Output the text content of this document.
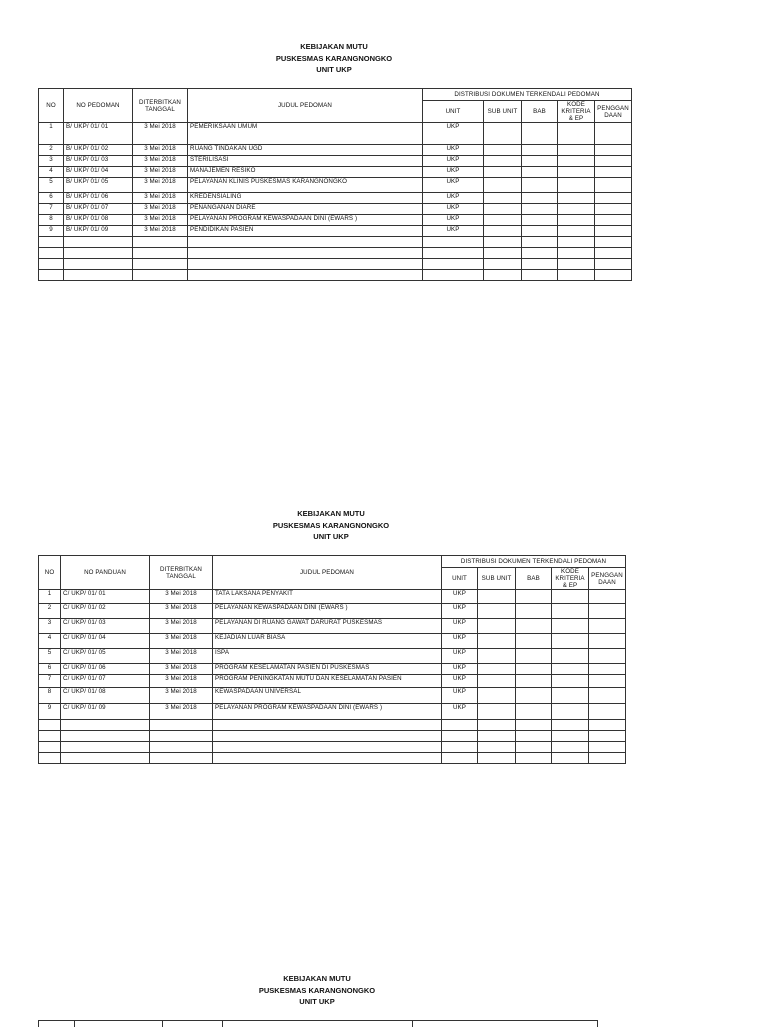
KEBIJAKAN MUTU
PUSKESMAS KARANGNONGKO
UNIT UKP
NO	NO PEDOMAN	DITERBITKAN TANGGAL	JUDUL PEDOMAN	DISTRIBUSI DOKUMEN TERKENDALI PEDOMAN				
				UNIT	SUB UNIT	BAB	KODE KRITERIA & EP	PENGGAN DAAN
1	B/ UKP/ 01/ 01	3 Mei 2018	PEMERIKSAAN UMUM	UKP				
2	B/ UKP/ 01/ 02	3 Mei 2018	RUANG TINDAKAN UGD	UKP				
3	B/ UKP/ 01/ 03	3 Mei 2018	STERILISASI	UKP				
4	B/ UKP/ 01/ 04	3 Mei 2018	MANAJEMEN RESIKO	UKP				
5	B/ UKP/ 01/ 05	3 Mei 2018	PELAYANAN KLINIS PUSKESMAS KARANGNONGKO	UKP				
6	B/ UKP/ 01/ 06	3 Mei 2018	KREDENSIALING	UKP				
7	B/ UKP/ 01/ 07	3 Mei 2018	PENANGANAN DIARE	UKP				
8	B/ UKP/ 01/ 08	3 Mei 2018	PELAYANAN PROGRAM KEWASPADAAN DINI (EWARS )	UKP				
9	B/ UKP/ 01/ 09	3 Mei 2018	PENDIDIKAN PASIEN	UKP				

KEBIJAKAN MUTU
PUSKESMAS KARANGNONGKO
UNIT UKP
NO	NO PANDUAN	DITERBITKAN TANGGAL	JUDUL PEDOMAN	DISTRIBUSI DOKUMEN TERKENDALI PEDOMAN				
				UNIT	SUB UNIT	BAB	KODE KRITERIA & EP	PENGGAN DAAN
1	C/ UKP/ 01/ 01	3 Mei 2018	TATA LAKSANA PENYAKIT	UKP				
2	C/ UKP/ 01/ 02	3 Mei 2018	PELAYANAN KEWASPADAAN DINI (EWARS )	UKP				
3	C/ UKP/ 01/ 03	3 Mei 2018	PELAYANAN DI RUANG GAWAT DARURAT PUSKESMAS	UKP				
4	C/ UKP/ 01/ 04	3 Mei 2018	KEJADIAN LUAR BIASA	UKP				
5	C/ UKP/ 01/ 05	3 Mei 2018	ISPA	UKP				
6	C/ UKP/ 01/ 06	3 Mei 2018	PROGRAM KESELAMATAN PASIEN DI PUSKESMAS	UKP				
7	C/ UKP/ 01/ 07	3 Mei 2018	PROGRAM PENINGKATAN MUTU DAN KESELAMATAN PASIEN	UKP				
8	C/ UKP/ 01/ 08	3 Mei 2018	KEWASPADAAN UNIVERSAL	UKP				
9	C/ UKP/ 01/ 09	3 Mei 2018	PELAYANAN PROGRAM KEWASPADAAN DINI (EWARS )	UKP				

KEBIJAKAN MUTU
PUSKESMAS KARANGNONGKO
UNIT UKP
